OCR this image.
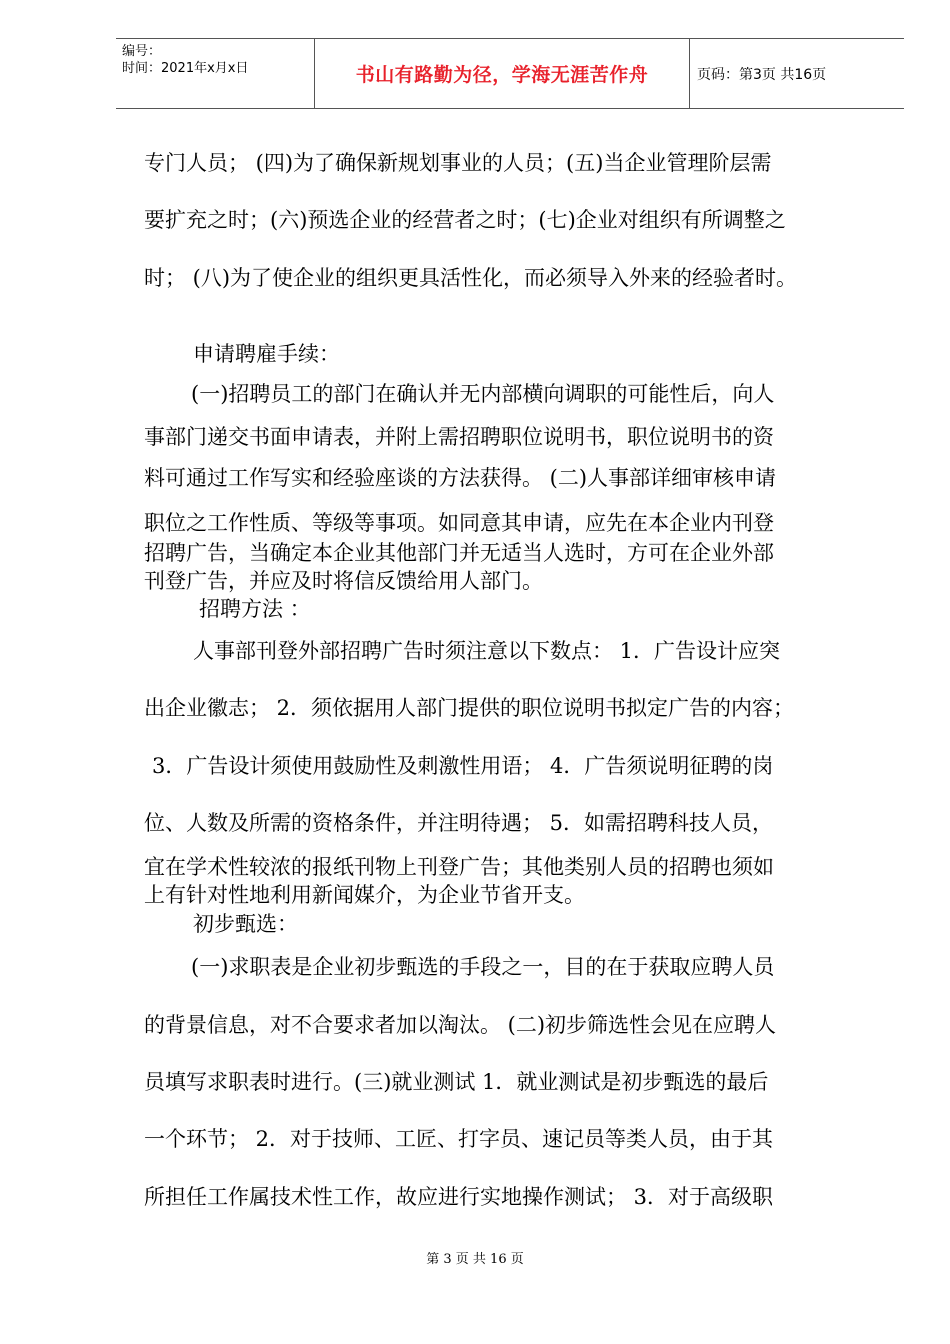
编号：
时间：2021年x月x日	书山有路勤为径，学海无涯苦作舟	页码：第3页 共16页
专门人员； (四)为了确保新规划事业的人员；(五)当企业管理阶层需
要扩充之时；(六)预选企业的经营者之时；(七)企业对组织有所调整之
时； (八)为了使企业的组织更具活性化，而必须导入外来的经验者时。
申请聘雇手续：
(一)招聘员工的部门在确认并无内部横向调职的可能性后，向人
事部门递交书面申请表，并附上需招聘职位说明书，职位说明书的资
料可通过工作写实和经验座谈的方法获得。 (二)人事部详细审核申请
职位之工作性质、等级等事项。如同意其申请，应先在本企业内刊登
招聘广告，当确定本企业其他部门并无适当人选时，方可在企业外部
刊登广告，并应及时将信反馈给用人部门。
招聘方法 ：
人事部刊登外部招聘广告时须注意以下数点： 1．广告设计应突
出企业徽志； 2．须依据用人部门提供的职位说明书拟定广告的内容；
3．广告设计须使用鼓励性及刺激性用语； 4．广告须说明征聘的岗
位、人数及所需的资格条件，并注明待遇； 5．如需招聘科技人员，
宜在学术性较浓的报纸刊物上刊登广告；其他类别人员的招聘也须如
上有针对性地利用新闻媒介，为企业节省开支。
初步甄选：
(一)求职表是企业初步甄选的手段之一，目的在于获取应聘人员
的背景信息，对不合要求者加以淘汰。 (二)初步筛选性会见在应聘人
员填写求职表时进行。(三)就业测试 1．就业测试是初步甄选的最后
一个环节； 2．对于技师、工匠、打字员、速记员等类人员，由于其
所担任工作属技术性工作，故应进行实地操作测试； 3．对于高级职
第 3 页 共 16 页
